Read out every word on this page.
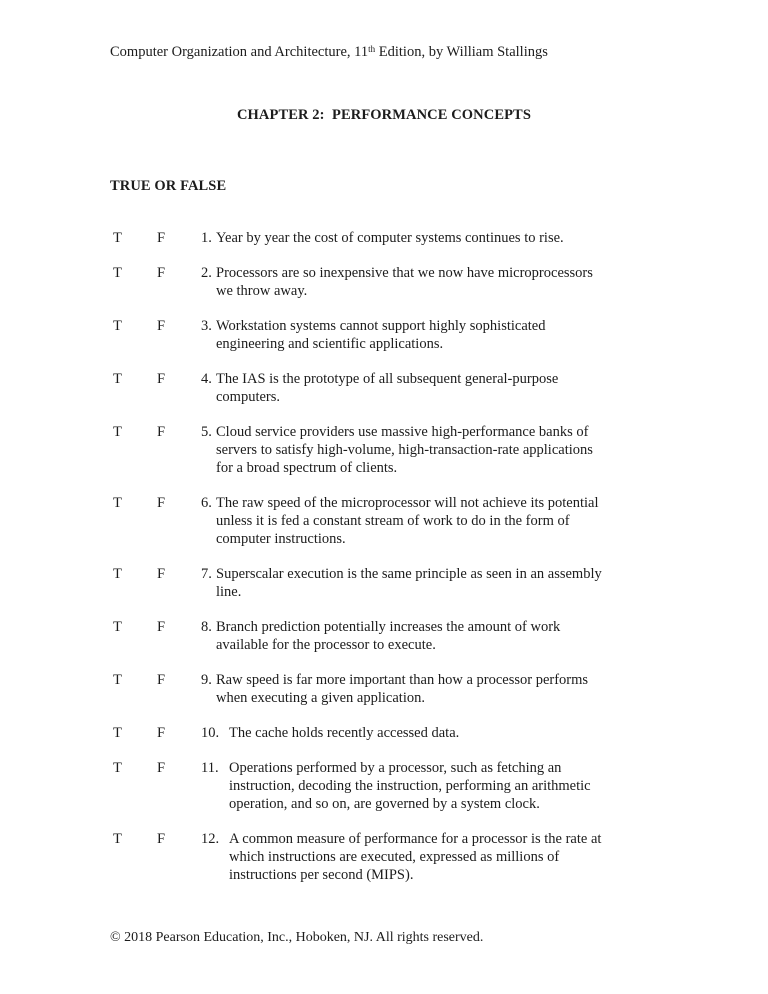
Computer Organization and Architecture, 11th Edition, by William Stallings
CHAPTER 2:  PERFORMANCE CONCEPTS
TRUE OR FALSE
T	F	1. Year by year the cost of computer systems continues to rise.
T	F	2. Processors are so inexpensive that we now have microprocessors
we throw away.
T	F	3. Workstation systems cannot support highly sophisticated
engineering and scientific applications.
T	F	4. The IAS is the prototype of all subsequent general-purpose
computers.
T	F	5. Cloud service providers use massive high-performance banks of
servers to satisfy high-volume, high-transaction-rate applications
for a broad spectrum of clients.
T	F	6. The raw speed of the microprocessor will not achieve its potential
unless it is fed a constant stream of work to do in the form of
computer instructions.
T	F	7. Superscalar execution is the same principle as seen in an assembly
line.
T	F	8. Branch prediction potentially increases the amount of work
available for the processor to execute.
T	F	9. Raw speed is far more important than how a processor performs
when executing a given application.
T	F	10. The cache holds recently accessed data.
T	F	11. Operations performed by a processor, such as fetching an
instruction, decoding the instruction, performing an arithmetic
operation, and so on, are governed by a system clock.
T	F	12. A common measure of performance for a processor is the rate at
which instructions are executed, expressed as millions of
instructions per second (MIPS).
© 2018 Pearson Education, Inc., Hoboken, NJ. All rights reserved.
